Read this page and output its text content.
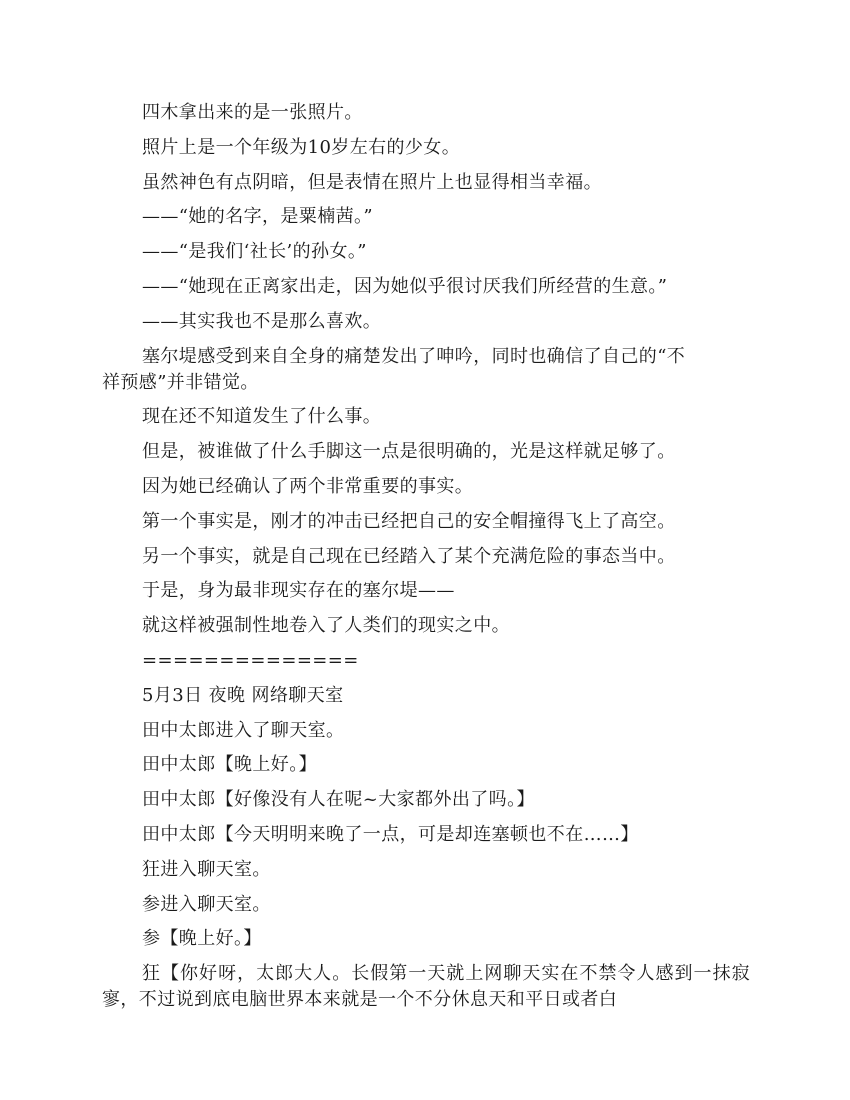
四木拿出来的是一张照片。

照片上是一个年级为10岁左右的少女。

虽然神色有点阴暗，但是表情在照片上也显得相当幸福。

——“她的名字，是粟楠茜。”

——“是我们‘社长’的孙女。”

——“她现在正离家出走，因为她似乎很讨厌我们所经营的生意。”

——其实我也不是那么喜欢。

塞尔堤感受到来自全身的痛楚发出了呻吟，同时也确信了自己的“不祥预感”并非错觉。

现在还不知道发生了什么事。

但是，被谁做了什么手脚这一点是很明确的，光是这样就足够了。

因为她已经确认了两个非常重要的事实。

第一个事实是，刚才的冲击已经把自己的安全帽撞得飞上了高空。

另一个事实，就是自己现在已经踏入了某个充满危险的事态当中。

于是，身为最非现实存在的塞尔堤——

就这样被强制性地卷入了人类们的现实之中。

==============

5月3日 夜晚 网络聊天室

田中太郎进入了聊天室。

田中太郎【晚上好。】

田中太郎【好像没有人在呢~大家都外出了吗。】

田中太郎【今天明明来晚了一点，可是却连塞顿也不在……】

狂进入聊天室。

参进入聊天室。

参【晚上好。】

狂【你好呀，太郎大人。长假第一天就上网聊天实在不禁令人感到一抹寂寥，不过说到底电脑世界本来就是一个不分休息天和平日或者白
